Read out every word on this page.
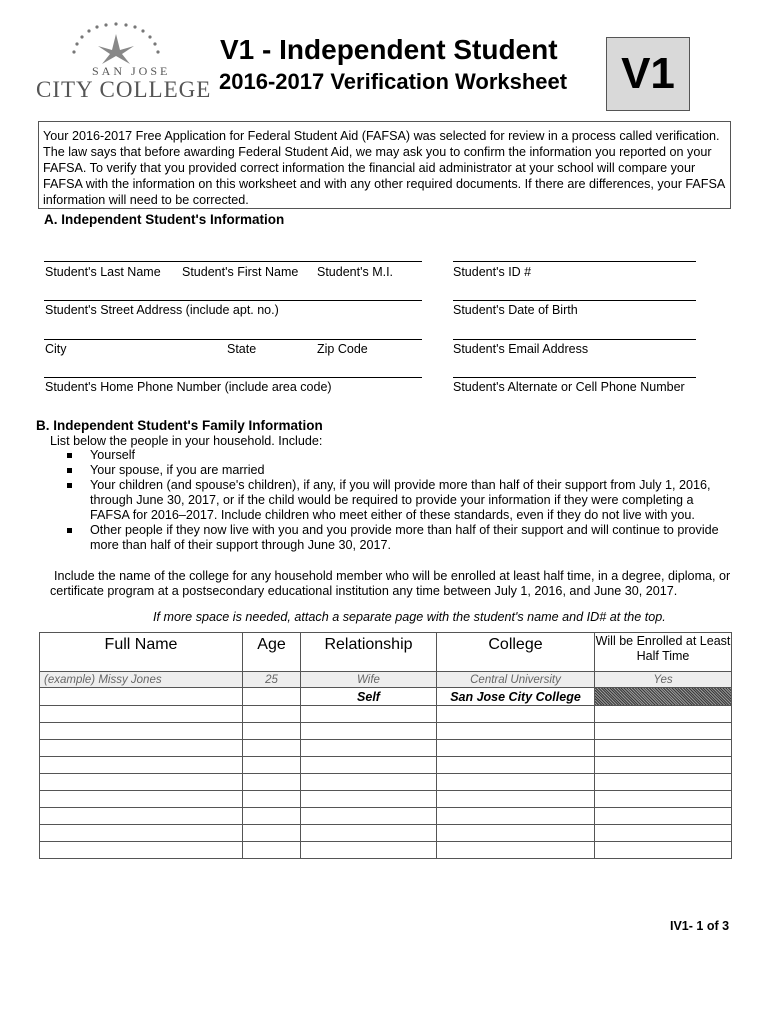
SAN JOSE
CITY COLLEGE
V1 - Independent Student
2016-2017 Verification Worksheet	V1
Your 2016-2017 Free Application for Federal Student Aid (FAFSA) was selected for review in a process called verification. The law says that before awarding Federal Student Aid, we may ask you to confirm the information you reported on your FAFSA. To verify that you provided correct information the financial aid administrator at your school will compare your FAFSA with the information on this worksheet and with any other required documents. If there are differences, your FAFSA information will need to be corrected.
A. Independent Student's Information
Student's Last Name Student's First Name Student's M.I.	Student's ID #
Student's Street Address (include apt. no.)	Student's Date of Birth
City	State	Zip Code	Student's Email Address
Student's Home Phone Number (include area code)	Student's Alternate or Cell Phone Number
B. Independent Student's Family Information
List below the people in your household. Include:
Yourself
Your spouse, if you are married
Your children (and spouse's children), if any, if you will provide more than half of their support from July 1, 2016, through June 30, 2017, or if the child would be required to provide your information if they were completing a FAFSA for 2016–2017. Include children who meet either of these standards, even if they do not live with you.
Other people if they now live with you and you provide more than half of their support and will continue to provide more than half of their support through June 30, 2017.
Include the name of the college for any household member who will be enrolled at least half time, in a degree, diploma, or certificate program at a postsecondary educational institution any time between July 1, 2016, and June 30, 2017.
If more space is needed, attach a separate page with the student's name and ID# at the top.
Full Name	Age	Relationship	College	Will be Enrolled at Least Half Time
(example) Missy Jones	25	Wife	Central University	Yes
		Self	San Jose City College	

IV1- 1 of 3
